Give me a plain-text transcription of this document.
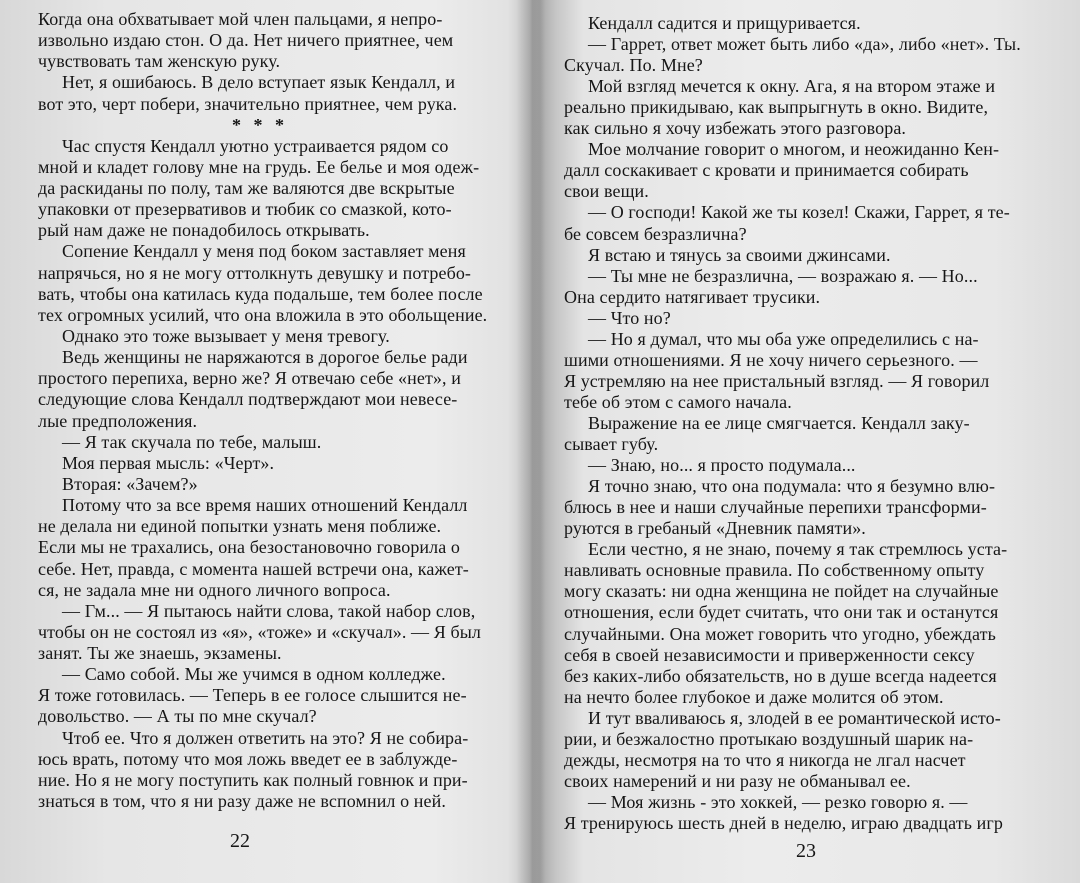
Когда она обхватывает мой член пальцами, я непро-
извольно издаю стон. О да. Нет ничего приятнее, чем
чувствовать там женскую руку.
Нет, я ошибаюсь. В дело вступает язык Кендалл, и
вот это, черт побери, значительно приятнее, чем рука.
* * *
Час спустя Кендалл уютно устраивается рядом со
мной и кладет голову мне на грудь. Ее белье и моя одеж-
да раскиданы по полу, там же валяются две вскрытые
упаковки от презервативов и тюбик со смазкой, кото-
рый нам даже не понадобилось открывать.
Сопение Кендалл у меня под боком заставляет меня
напрячься, но я не могу оттолкнуть девушку и потребо-
вать, чтобы она катилась куда подальше, тем более после
тех огромных усилий, что она вложила в это обольщение.
Однако это тоже вызывает у меня тревогу.
Ведь женщины не наряжаются в дорогое белье ради
простого перепиха, верно же? Я отвечаю себе «нет», и
следующие слова Кендалл подтверждают мои невесе-
лые предположения.
— Я так скучала по тебе, малыш.
Моя первая мысль: «Черт».
Вторая: «Зачем?»
Потому что за все время наших отношений Кендалл
не делала ни единой попытки узнать меня поближе.
Если мы не трахались, она безостановочно говорила о
себе. Нет, правда, с момента нашей встречи она, кажет-
ся, не задала мне ни одного личного вопроса.
— Гм... — Я пытаюсь найти слова, такой набор слов,
чтобы он не состоял из «я», «тоже» и «скучал». — Я был
занят. Ты же знаешь, экзамены.
— Само собой. Мы же учимся в одном колледже.
Я тоже готовилась. — Теперь в ее голосе слышится не-
довольство. — А ты по мне скучал?
Чтоб ее. Что я должен ответить на это? Я не собира-
юсь врать, потому что моя ложь введет ее в заблужде-
ние. Но я не могу поступить как полный говнюк и при-
знаться в том, что я ни разу даже не вспомнил о ней.
Кендалл садится и прищуривается.
— Гаррет, ответ может быть либо «да», либо «нет». Ты.
Скучал. По. Мне?
Мой взгляд мечется к окну. Ага, я на втором этаже и
реально прикидываю, как выпрыгнуть в окно. Видите,
как сильно я хочу избежать этого разговора.
Мое молчание говорит о многом, и неожиданно Кен-
далл соскакивает с кровати и принимается собирать
свои вещи.
— О господи! Какой же ты козел! Скажи, Гаррет, я те-
бе совсем безразлична?
Я встаю и тянусь за своими джинсами.
— Ты мне не безразлична, — возражаю я. — Но...
Она сердито натягивает трусики.
— Что но?
— Но я думал, что мы оба уже определились с на-
шими отношениями. Я не хочу ничего серьезного. —
Я устремляю на нее пристальный взгляд. — Я говорил
тебе об этом с самого начала.
Выражение на ее лице смягчается. Кендалл заку-
сывает губу.
— Знаю, но... я просто подумала...
Я точно знаю, что она подумала: что я безумно влю-
блюсь в нее и наши случайные перепихи трансформи-
руются в гребаный «Дневник памяти».
Если честно, я не знаю, почему я так стремлюсь уста-
навливать основные правила. По собственному опыту
могу сказать: ни одна женщина не пойдет на случайные
отношения, если будет считать, что они так и останутся
случайными. Она может говорить что угодно, убеждать
себя в своей независимости и приверженности сексу
без каких-либо обязательств, но в душе всегда надеется
на нечто более глубокое и даже молится об этом.
И тут вваливаюсь я, злодей в ее романтической исто-
рии, и безжалостно протыкаю воздушный шарик на-
дежды, несмотря на то что я никогда не лгал насчет
своих намерений и ни разу не обманывал ее.
— Моя жизнь - это хоккей, — резко говорю я. —
Я тренируюсь шесть дней в неделю, играю двадцать игр
23
22
